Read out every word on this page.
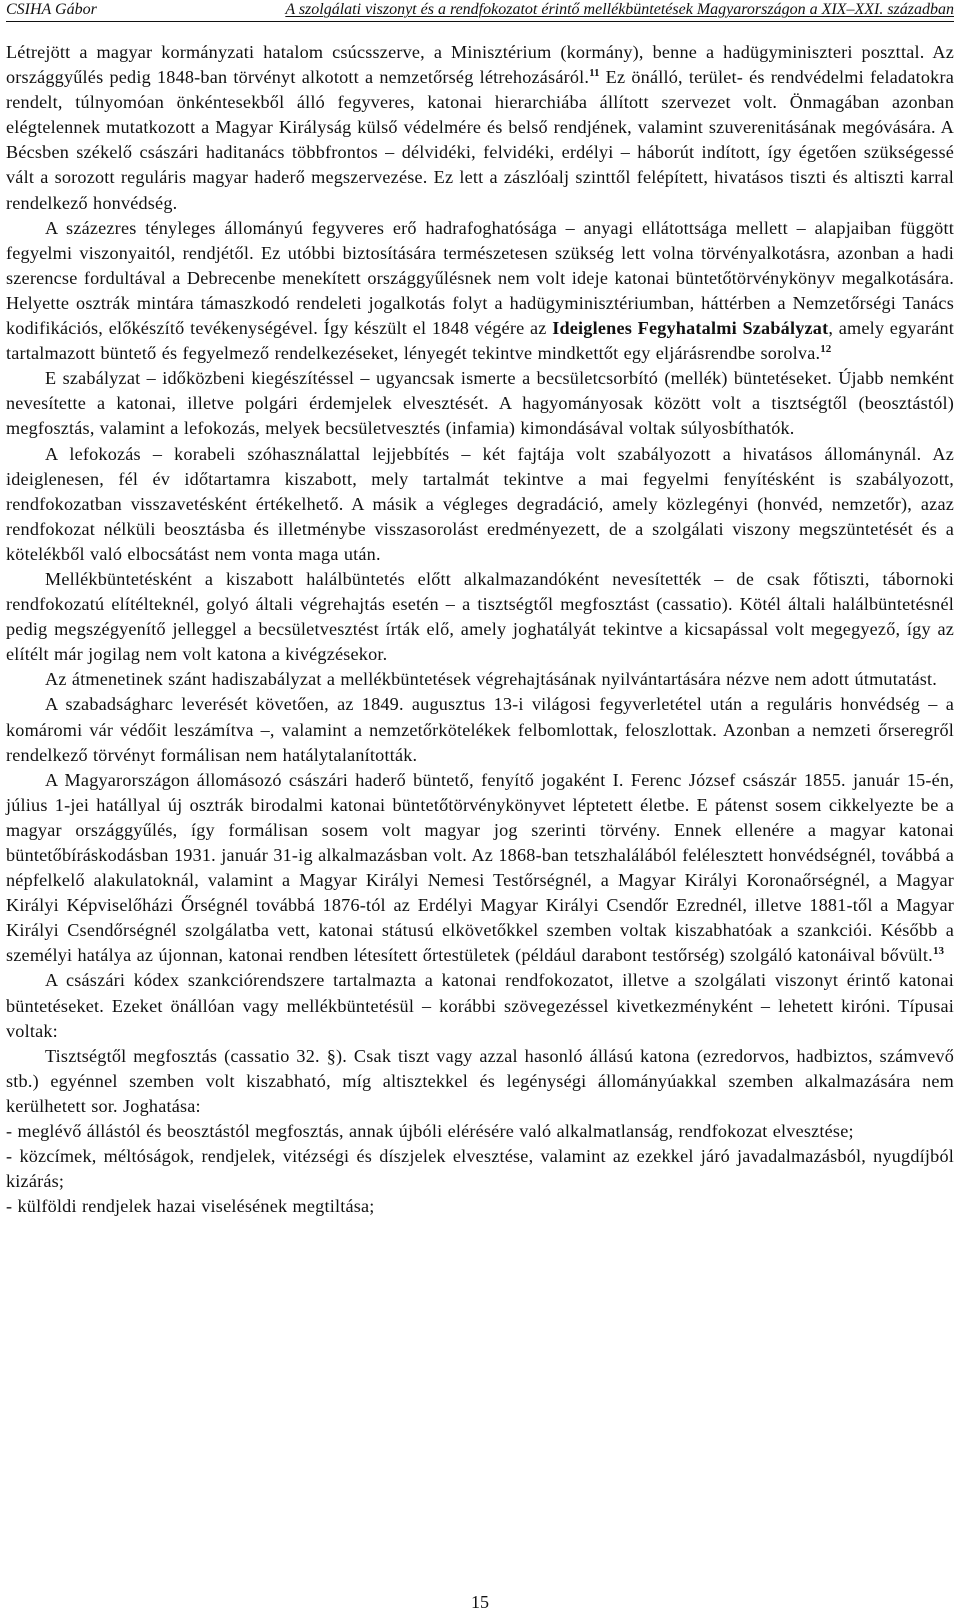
CSIHA Gábor	A szolgálati viszonyt és a rendfokozatot érintő mellékbüntetések Magyarországon a XIX–XXI. században

Létrejött a magyar kormányzati hatalom csúcsszerve, a Minisztérium (kormány), benne a hadügyminiszteri poszttal. Az országgyűlés pedig 1848-ban törvényt alkotott a nemzetőrség létrehozásáról.$^{11}$ Ez önálló, terület- és rendvédelmi feladatokra rendelt, túlnyomóan önkéntesekből álló fegyveres, katonai hierarchiába állított szervezet volt. Önmagában azonban elégtelennek mutatkozott a Magyar Királyság külső védelmére és belső rendjének, valamint szuverenitásának megóvására. A Bécsben székelő császári haditanács többfrontos – délvidéki, felvidéki, erdélyi – háborút indított, így égetően szükségessé vált a sorozott reguláris magyar haderő megszervezése. Ez lett a zászlóalj szinttől felépített, hivatásos tiszti és altiszti karral rendelkező honvédség.

A százezres tényleges állományú fegyveres erő hadrafoghatósága – anyagi ellátottsága mellett – alapjaiban függött fegyelmi viszonyaitól, rendjétől. Ez utóbbi biztosítására természetesen szükség lett volna törvényalkotásra, azonban a hadi szerencse fordultával a Debrecenbe menekített országgyűlésnek nem volt ideje katonai büntetőtörvénykönyv megalkotására. Helyette osztrák mintára támaszkodó rendeleti jogalkotás folyt a hadügyminisztériumban, háttérben a Nemzetőrségi Tanács kodifikációs, előkészítő tevékenységével. Így készült el 1848 végére az Ideiglenes Fegyhatalmi Szabályzat, amely egyaránt tartalmazott büntető és fegyelmező rendelkezéseket, lényegét tekintve mindkettőt egy eljárásrendbe sorolva.$^{12}$

E szabályzat – időközbeni kiegészítéssel – ugyancsak ismerte a becsületcsorbító (mellék) büntetéseket. Újabb nemként nevesítette a katonai, illetve polgári érdemjelek elvesztését. A hagyományosak között volt a tisztségtől (beosztástól) megfosztás, valamint a lefokozás, melyek becsületvesztés (infamia) kimondásával voltak súlyosbíthatók.

A lefokozás – korabeli szóhasználattal lejjebbítés – két fajtája volt szabályozott a hivatásos állománynál. Az ideiglenesen, fél év időtartamra kiszabott, mely tartalmát tekintve a mai fegyelmi fenyítésként is szabályozott, rendfokozatban visszavetésként értékelhető. A másik a végleges degradáció, amely közlegényi (honvéd, nemzetőr), azaz rendfokozat nélküli beosztásba és illetménybe visszasorolást eredményezett, de a szolgálati viszony megszüntetését és a kötelékből való elbocsátást nem vonta maga után.

Mellékbüntetésként a kiszabott halálbüntetés előtt alkalmazandóként nevesítették – de csak főtiszti, tábornoki rendfokozatú elítélteknél, golyó általi végrehajtás esetén – a tisztségtől megfosztást (cassatio). Kötél általi halálbüntetésnél pedig megszégyenítő jelleggel a becsületvesztést írták elő, amely joghatályát tekintve a kicsapással volt megegyező, így az elítélt már jogilag nem volt katona a kivégzésekor.

Az átmenetinek szánt hadiszabályzat a mellékbüntetések végrehajtásának nyilvántartására nézve nem adott útmutatást.

A szabadságharc leverését követően, az 1849. augusztus 13-i világosi fegyverletétel után a reguláris honvédség – a komáromi vár védőit leszámítva –, valamint a nemzetőrkötelékek felbomlottak, feloszlottak. Azonban a nemzeti őrseregről rendelkező törvényt formálisan nem hatálytalanították.

A Magyarországon állomásozó császári haderő büntető, fenyítő jogaként I. Ferenc József császár 1855. január 15-én, július 1-jei hatállyal új osztrák birodalmi katonai büntetőtörvénykönyvet léptetett életbe. E pátenst sosem cikkelyezte be a magyar országgyűlés, így formálisan sosem volt magyar jog szerinti törvény. Ennek ellenére a magyar katonai büntetőbíráskodásban 1931. január 31-ig alkalmazásban volt. Az 1868-ban tetszhalálából felélesztett honvédségnél, továbbá a népfelkelő alakulatoknál, valamint a Magyar Királyi Nemesi Testőrségnél, a Magyar Királyi Koronaőrségnél, a Magyar Királyi Képviselőházi Őrségnél továbbá 1876-tól az Erdélyi Magyar Királyi Csendőr Ezrednél, illetve 1881-től a Magyar Királyi Csendőrségnél szolgálatba vett, katonai státusú elkövetőkkel szemben voltak kiszabhatóak a szankciói. Később a személyi hatálya az újonnan, katonai rendben létesített őrtestületek (például darabont testőrség) szolgáló katonáival bővült.$^{13}$

A császári kódex szankciórendszere tartalmazta a katonai rendfokozatot, illetve a szolgálati viszonyt érintő katonai büntetéseket. Ezeket önállóan vagy mellékbüntetésül – korábbi szövegezéssel kivetkezményként – lehetett kiróni. Típusai voltak:

Tisztségtől megfosztás (cassatio 32. §). Csak tiszt vagy azzal hasonló állású katona (ezredorvos, hadbiztos, számvevő stb.) egyénnel szemben volt kiszabható, míg altisztekkel és legénységi állományúakkal szemben alkalmazására nem kerülhetett sor. Joghatása:

- meglévő állástól és beosztástól megfosztás, annak újbóli elérésére való alkalmatlanság, rendfokozat elvesztése;

- közcímek, méltóságok, rendjelek, vitézségi és díszjelek elvesztése, valamint az ezekkel járó javadalmazásból, nyugdíjból kizárás;

- külföldi rendjelek hazai viselésének megtiltása;

15
